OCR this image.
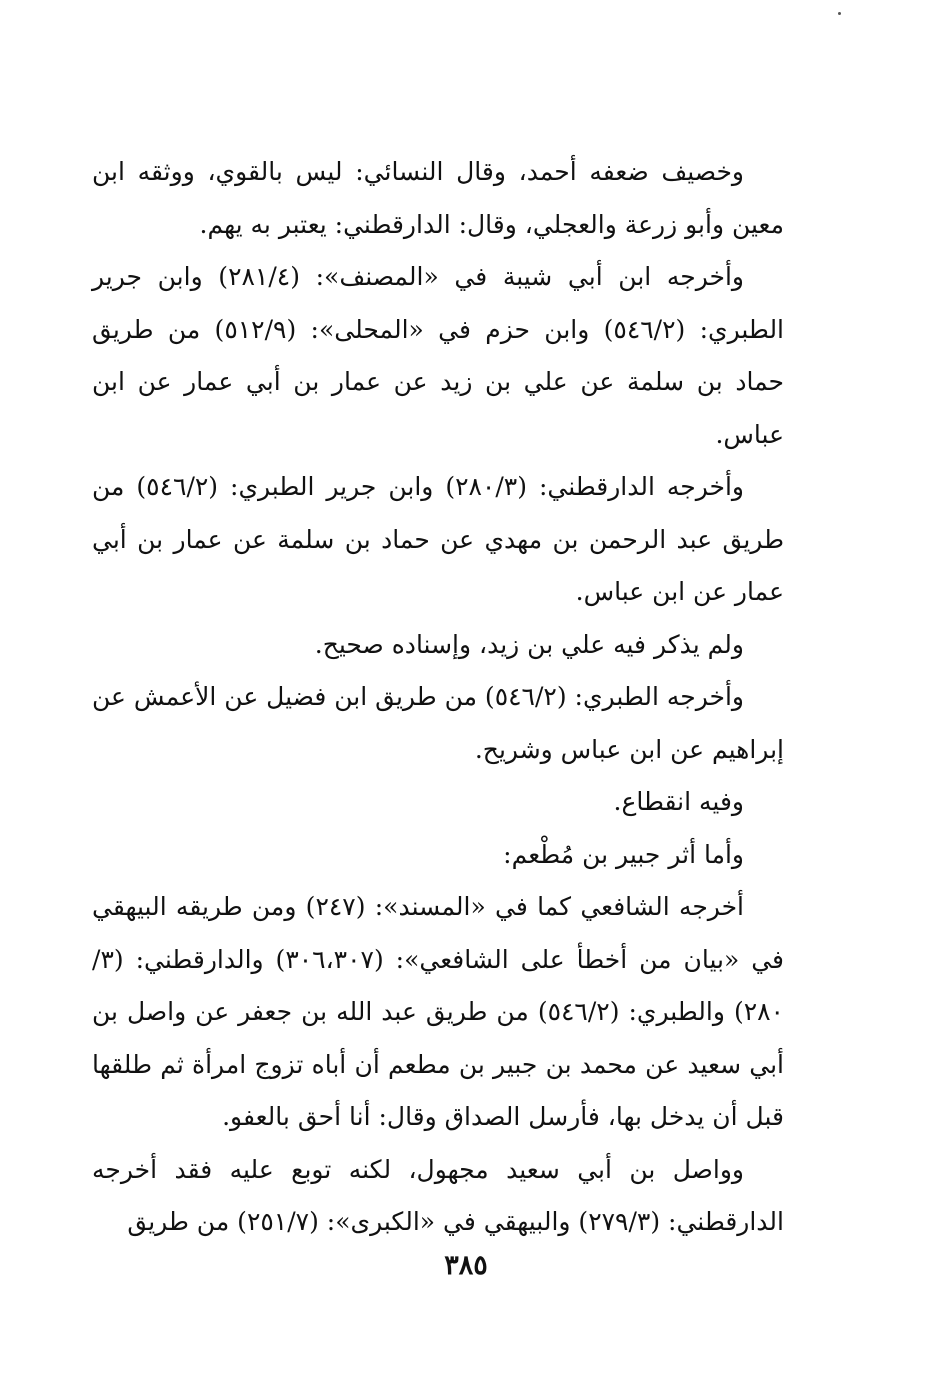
وخصيف ضعفه أحمد، وقال النسائي: ليس بالقوي، ووثقه ابن معين وأبو زرعة والعجلي، وقال: الدارقطني: يعتبر به يهم.

وأخرجه ابن أبي شيبة في «المصنف»: (٢٨١/٤) وابن جرير الطبري: (٥٤٦/٢) وابن حزم في «المحلى»: (٥١٢/٩) من طريق حماد بن سلمة عن علي بن زيد عن عمار بن أبي عمار عن ابن عباس.

وأخرجه الدارقطني: (٢٨٠/٣) وابن جرير الطبري: (٥٤٦/٢) من طريق عبد الرحمن بن مهدي عن حماد بن سلمة عن عمار بن أبي عمار عن ابن عباس.

ولم يذكر فيه علي بن زيد، وإسناده صحيح.

وأخرجه الطبري: (٥٤٦/٢) من طريق ابن فضيل عن الأعمش عن إبراهيم عن ابن عباس وشريح.

وفيه انقطاع.

وأما أثر جبير بن مُطْعم:

أخرجه الشافعي كما في «المسند»: (٢٤٧) ومن طريقه البيهقي في «بيان من أخطأ على الشافعي»: (٣٠٦،٣٠٧) والدارقطني: (٣/ ٢٨٠) والطبري: (٥٤٦/٢) من طريق عبد الله بن جعفر عن واصل بن أبي سعيد عن محمد بن جبير بن مطعم أن أباه تزوج امرأة ثم طلقها قبل أن يدخل بها، فأرسل الصداق وقال: أنا أحق بالعفو.

وواصل بن أبي سعيد مجهول، لكنه توبع عليه فقد أخرجه الدارقطني: (٢٧٩/٣) والبيهقي في «الكبرى»: (٢٥١/٧) من طريق

٣٨٥
